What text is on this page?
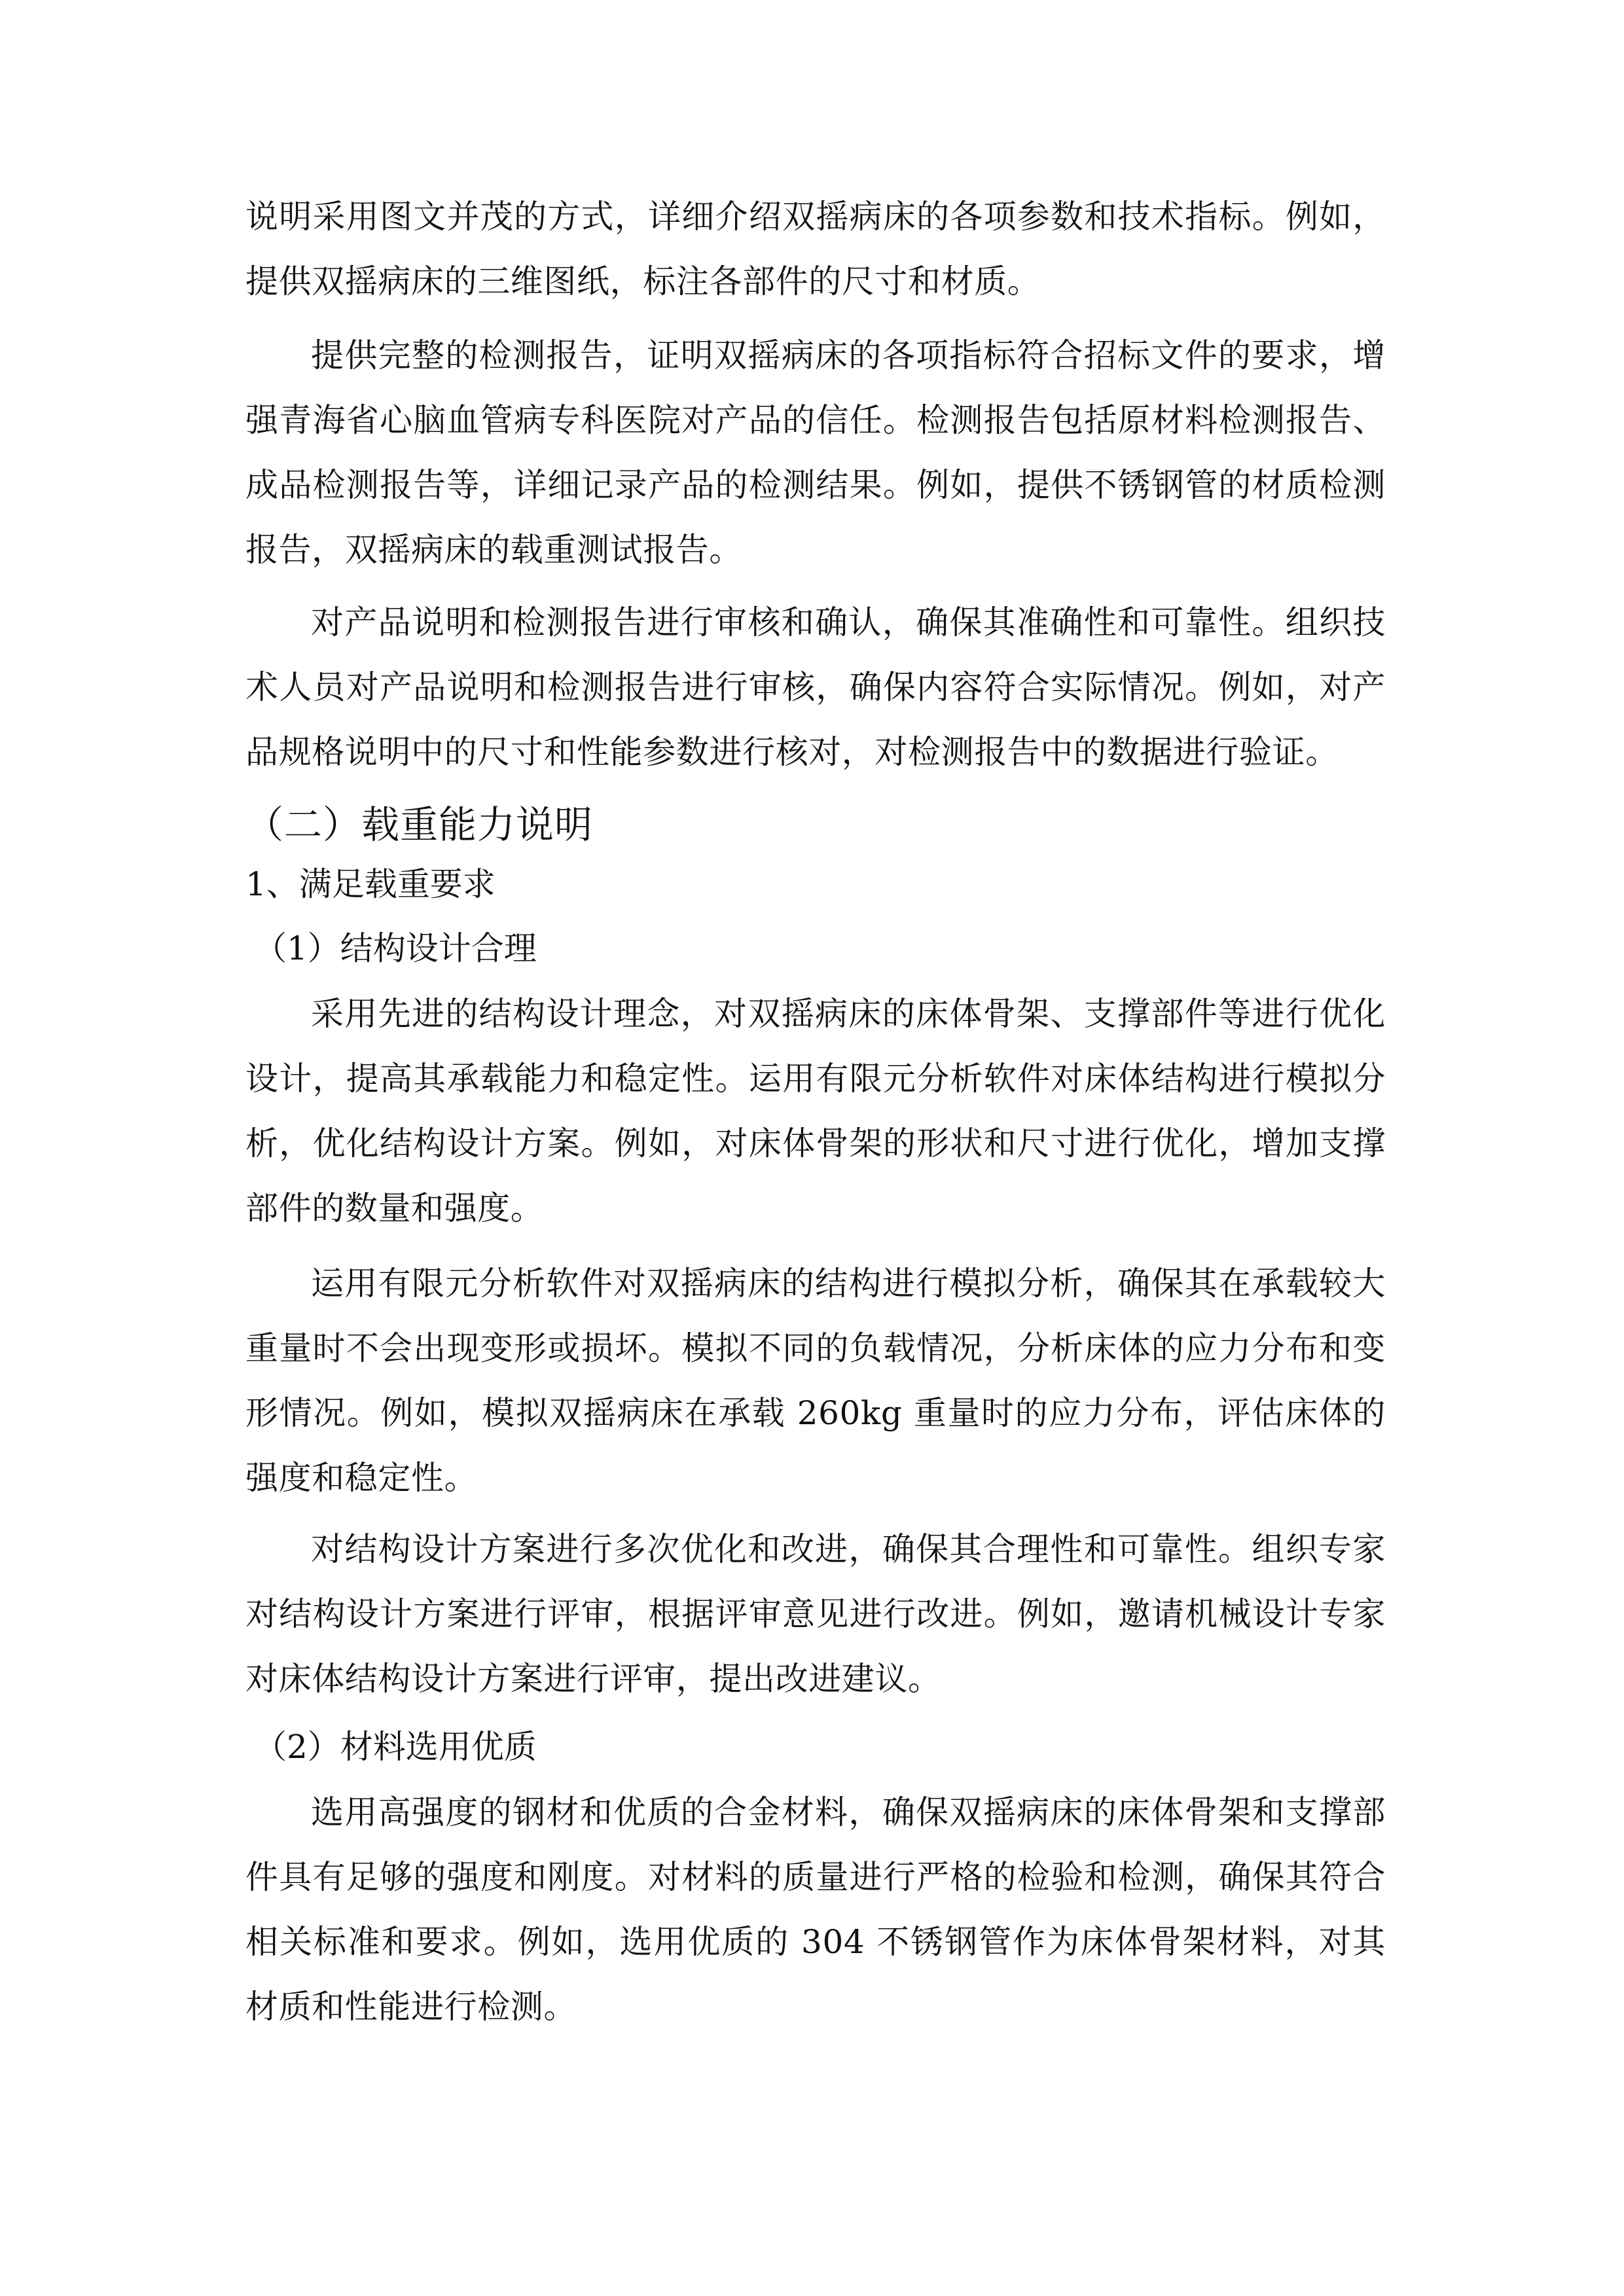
说明采用图文并茂的方式，详细介绍双摇病床的各项参数和技术指标。例如，提供双摇病床的三维图纸，标注各部件的尺寸和材质。

提供完整的检测报告，证明双摇病床的各项指标符合招标文件的要求，增强青海省心脑血管病专科医院对产品的信任。检测报告包括原材料检测报告、成品检测报告等，详细记录产品的检测结果。例如，提供不锈钢管的材质检测报告，双摇病床的载重测试报告。

对产品说明和检测报告进行审核和确认，确保其准确性和可靠性。组织技术人员对产品说明和检测报告进行审核，确保内容符合实际情况。例如，对产品规格说明中的尺寸和性能参数进行核对，对检测报告中的数据进行验证。

（二）载重能力说明
1、满足载重要求
（1）结构设计合理

采用先进的结构设计理念，对双摇病床的床体骨架、支撑部件等进行优化设计，提高其承载能力和稳定性。运用有限元分析软件对床体结构进行模拟分析，优化结构设计方案。例如，对床体骨架的形状和尺寸进行优化，增加支撑部件的数量和强度。

运用有限元分析软件对双摇病床的结构进行模拟分析，确保其在承载较大重量时不会出现变形或损坏。模拟不同的负载情况，分析床体的应力分布和变形情况。例如，模拟双摇病床在承载 260kg 重量时的应力分布，评估床体的强度和稳定性。

对结构设计方案进行多次优化和改进，确保其合理性和可靠性。组织专家对结构设计方案进行评审，根据评审意见进行改进。例如，邀请机械设计专家对床体结构设计方案进行评审，提出改进建议。

（2）材料选用优质

选用高强度的钢材和优质的合金材料，确保双摇病床的床体骨架和支撑部件具有足够的强度和刚度。对材料的质量进行严格的检验和检测，确保其符合相关标准和要求。例如，选用优质的 304 不锈钢管作为床体骨架材料，对其材质和性能进行检测。
